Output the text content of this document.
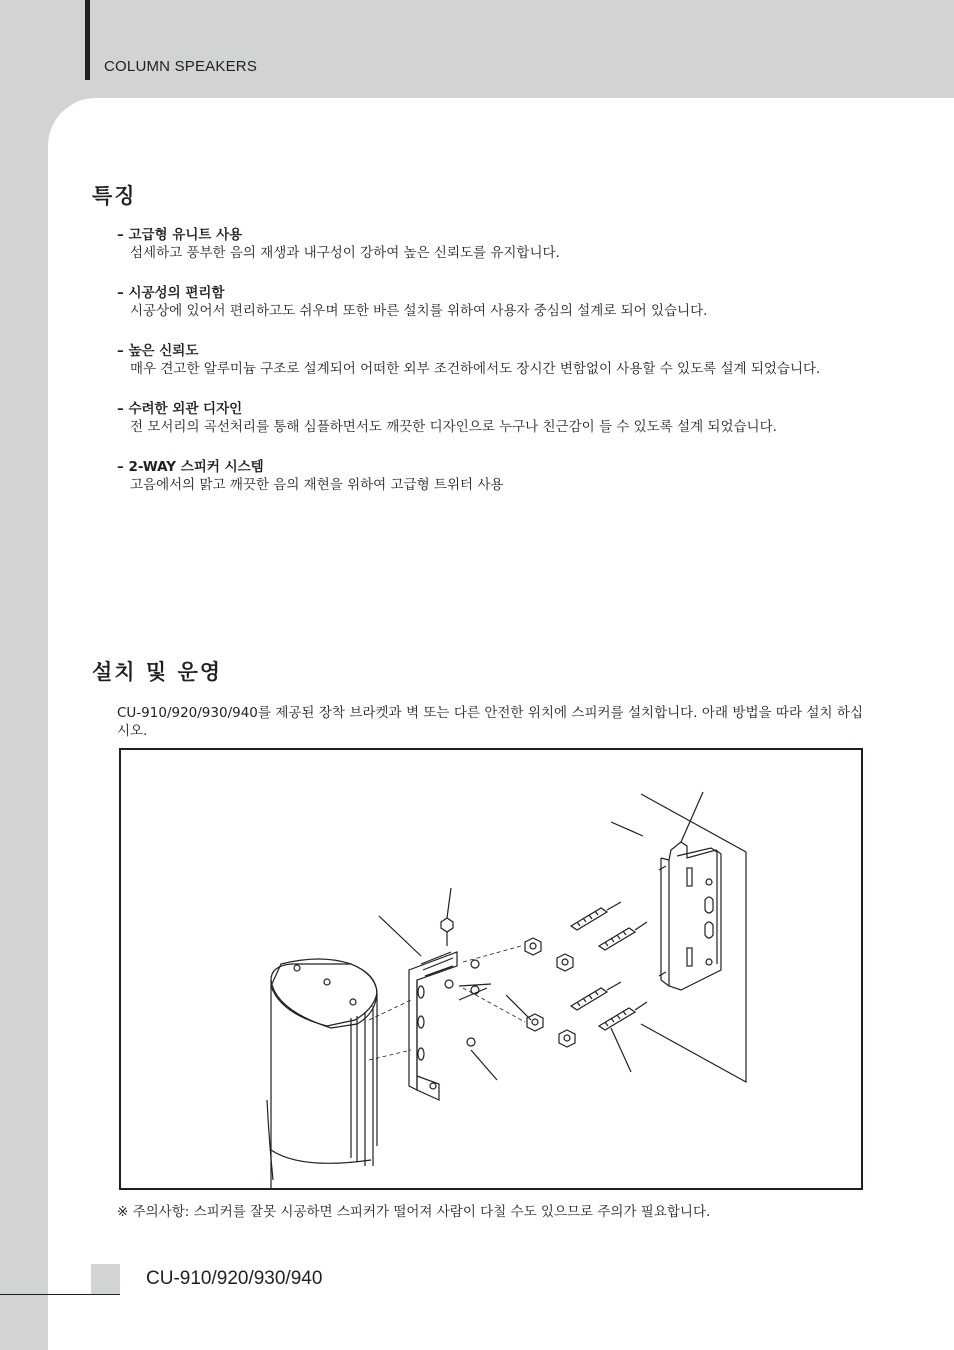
COLUMN SPEAKERS
특징
– 고급형 유니트 사용
섬세하고 풍부한 음의 재생과 내구성이 강하여 높은 신뢰도를 유지합니다.
– 시공성의 편리함
시공상에 있어서 편리하고도 쉬우며 또한 바른 설치를 위하여 사용자 중심의 설계로 되어 있습니다.
– 높은 신뢰도
매우 견고한 알루미늄 구조로 설계되어 어떠한 외부 조건하에서도 장시간 변함없이 사용할 수 있도록 설계 되었습니다.
– 수려한 외관 디자인
전 모서리의 곡선처리를 통해 심플하면서도 깨끗한 디자인으로 누구나 친근감이 들 수 있도록 설계 되었습니다.
– 2-WAY 스피커 시스템
고음에서의 맑고 깨끗한 음의 재현을 위하여 고급형 트위터 사용
설치 및 운영
CU-910/920/930/940를 제공된 장착 브라켓과 벽 또는 다른 안전한 위치에 스피커를 설치합니다. 아래 방법을 따라 설치 하십시오.
※ 주의사항: 스피커를 잘못 시공하면 스피커가 떨어져 사람이 다칠 수도 있으므로 주의가 필요합니다.
CU-910/920/930/940
